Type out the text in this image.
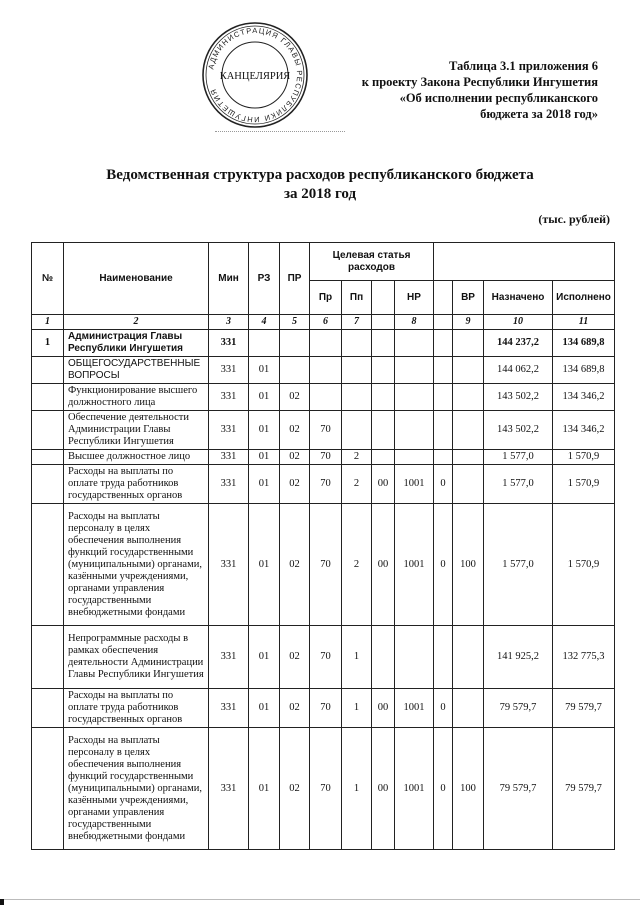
АДМИНИСТРАЦИЯ ГЛАВЫ РЕСПУБЛИКИ ИНГУШЕТИЯ
КАНЦЕЛЯРИЯ
Таблица 3.1 приложения 6
к проекту Закона Республики Ингушетия
«Об исполнении республиканского
бюджета за 2018 год»
Ведомственная структура расходов республиканского бюджета
за 2018 год
(тыс. рублей)
№	Наименование	Мин	РЗ	ПР	Целевая статья расходов							
					Пр	Пп		НР		ВР	Назначено	Исполнено
1	2	3	4	5	6	7		8		9	10	11
1	Администрация Главы Республики Ингушетия	331									144 237,2	134 689,8
	ОБЩЕГОСУДАРСТВЕННЫЕ ВОПРОСЫ	331	01								144 062,2	134 689,8
	Функционирование высшего должностного лица	331	01	02							143 502,2	134 346,2
	Обеспечение деятельности Администрации Главы Республики Ингушетия	331	01	02	70						143 502,2	134 346,2
	Высшее должностное лицо	331	01	02	70	2					1 577,0	1 570,9
	Расходы на выплаты по оплате труда работников государственных органов	331	01	02	70	2	00	1001	0		1 577,0	1 570,9
	Расходы на выплаты персоналу в целях обеспечения выполнения функций государственными (муниципальными) органами, казёнными учреждениями, органами управления государственными внебюджетными фондами	331	01	02	70	2	00	1001	0	100	1 577,0	1 570,9
	Непрограммные расходы в рамках обеспечения деятельности Администрации Главы Республики Ингушетия	331	01	02	70	1					141 925,2	132 775,3
	Расходы на выплаты по оплате труда работников государственных органов	331	01	02	70	1	00	1001	0		79 579,7	79 579,7
	Расходы на выплаты персоналу в целях обеспечения выполнения функций государственными (муниципальными) органами, казёнными учреждениями, органами управления государственными внебюджетными фондами	331	01	02	70	1	00	1001	0	100	79 579,7	79 579,7
